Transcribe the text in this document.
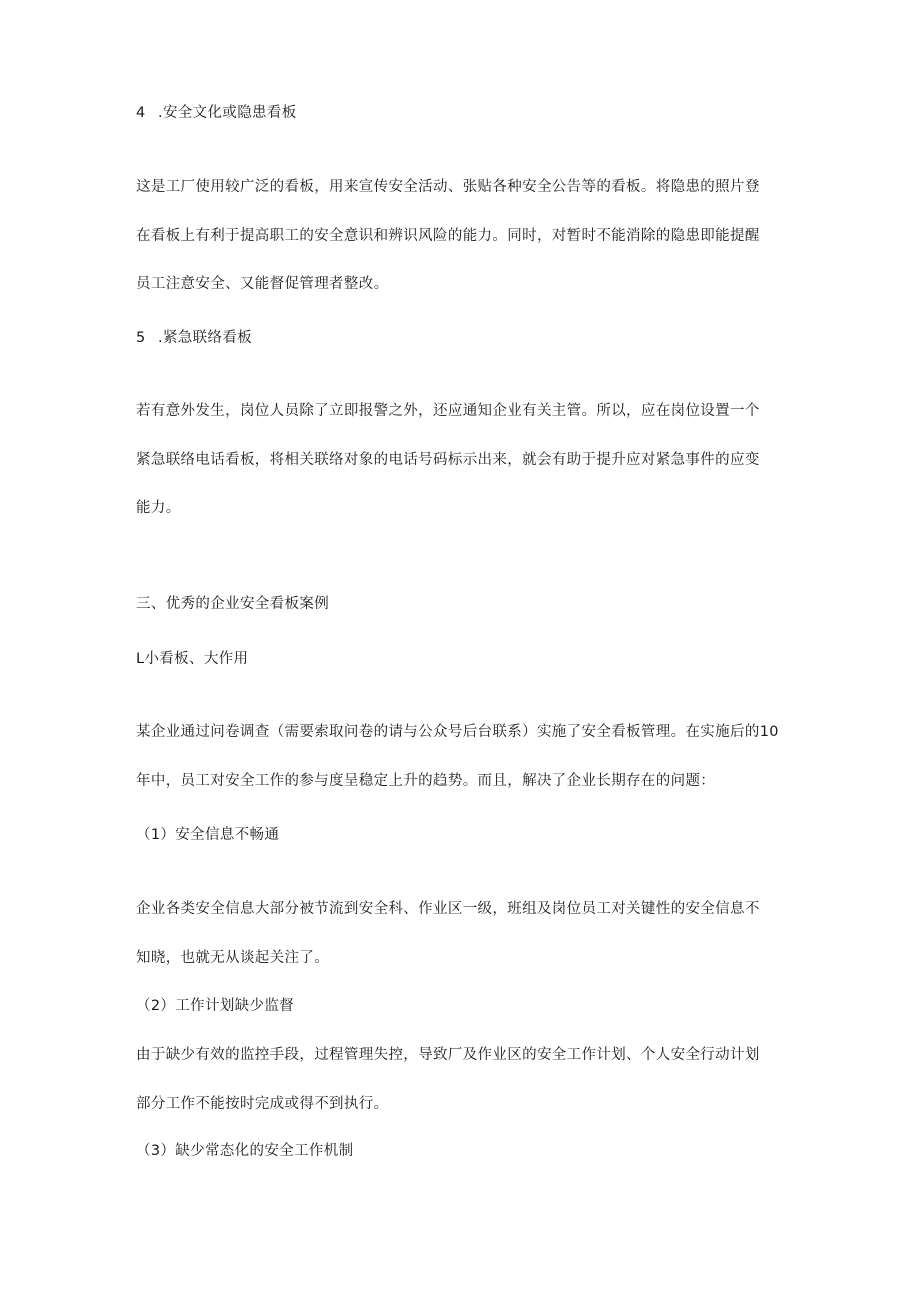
4 .安全文化或隐患看板
这是工厂使用较广泛的看板，用来宣传安全活动、张贴各种安全公告等的看板。将隐患的照片登
在看板上有利于提高职工的安全意识和辨识风险的能力。同时，对暂时不能消除的隐患即能提醒
员工注意安全、又能督促管理者整改。
5 .紧急联络看板
若有意外发生，岗位人员除了立即报警之外，还应通知企业有关主管。所以，应在岗位设置一个
紧急联络电话看板，将相关联络对象的电话号码标示出来，就会有助于提升应对紧急事件的应变
能力。
三、优秀的企业安全看板案例
L小看板、大作用
某企业通过问卷调查（需要索取问卷的请与公众号后台联系）实施了安全看板管理。在实施后的10
年中，员工对安全工作的参与度呈稳定上升的趋势。而且，解决了企业长期存在的问题：
（1）安全信息不畅通
企业各类安全信息大部分被节流到安全科、作业区一级，班组及岗位员工对关键性的安全信息不
知晓，也就无从谈起关注了。
（2）工作计划缺少监督
由于缺少有效的监控手段，过程管理失控，导致厂及作业区的安全工作计划、个人安全行动计划
部分工作不能按时完成或得不到执行。
（3）缺少常态化的安全工作机制
